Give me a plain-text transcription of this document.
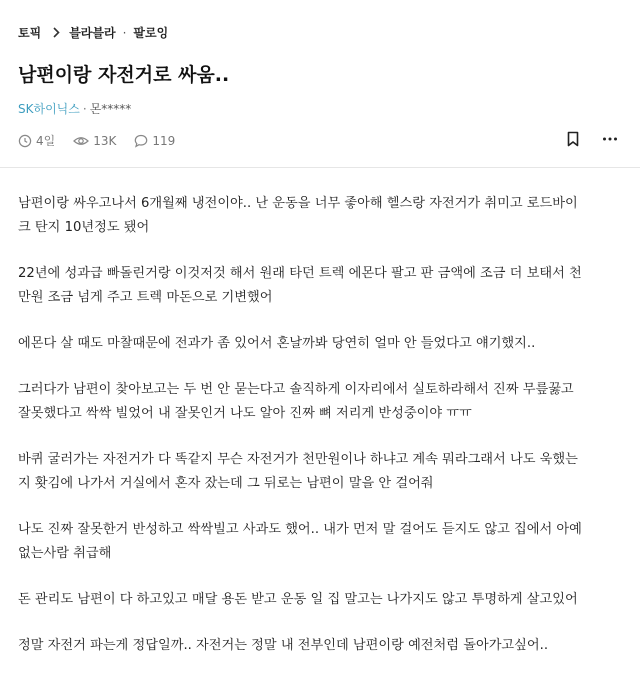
토픽 블라블라 · 팔로잉
남편이랑 자전거로 싸움..
SK하이닉스 · 몬*****
4일	13K	119

남편이랑 싸우고나서 6개월째 냉전이야.. 난 운동을 너무 좋아해 헬스랑 자전거가 취미고 로드바이
크 탄지 10년정도 됐어

22년에 성과급 빠돌린거랑 이것저것 해서 원래 타던 트렉 에몬다 팔고 판 금액에 조금 더 보태서 천
만원 조금 넘게 주고 트렉 마돈으로 기변했어

에몬다 살 때도 마찰때문에 전과가 좀 있어서 혼날까봐 당연히 얼마 안 들었다고 얘기했지..

그러다가 남편이 찾아보고는 두 번 안 묻는다고 솔직하게 이자리에서 실토하라해서 진짜 무릎꿇고
잘못했다고 싹싹 빌었어 내 잘못인거 나도 알아 진짜 뼈 저리게 반성중이야 ㅠㅠ

바퀴 굴러가는 자전거가 다 똑같지 무슨 자전거가 천만원이나 하냐고 계속 뭐라그래서 나도 욱했는
지 홧김에 나가서 거실에서 혼자 잤는데 그 뒤로는 남편이 말을 안 걸어줘

나도 진짜 잘못한거 반성하고 싹싹빌고 사과도 했어.. 내가 먼저 말 걸어도 듣지도 않고 집에서 아예
없는사람 취급해

돈 관리도 남편이 다 하고있고 매달 용돈 받고 운동 일 집 말고는 나가지도 않고 투명하게 살고있어

정말 자전거 파는게 정답일까.. 자전거는 정말 내 전부인데 남편이랑 예전처럼 돌아가고싶어..
